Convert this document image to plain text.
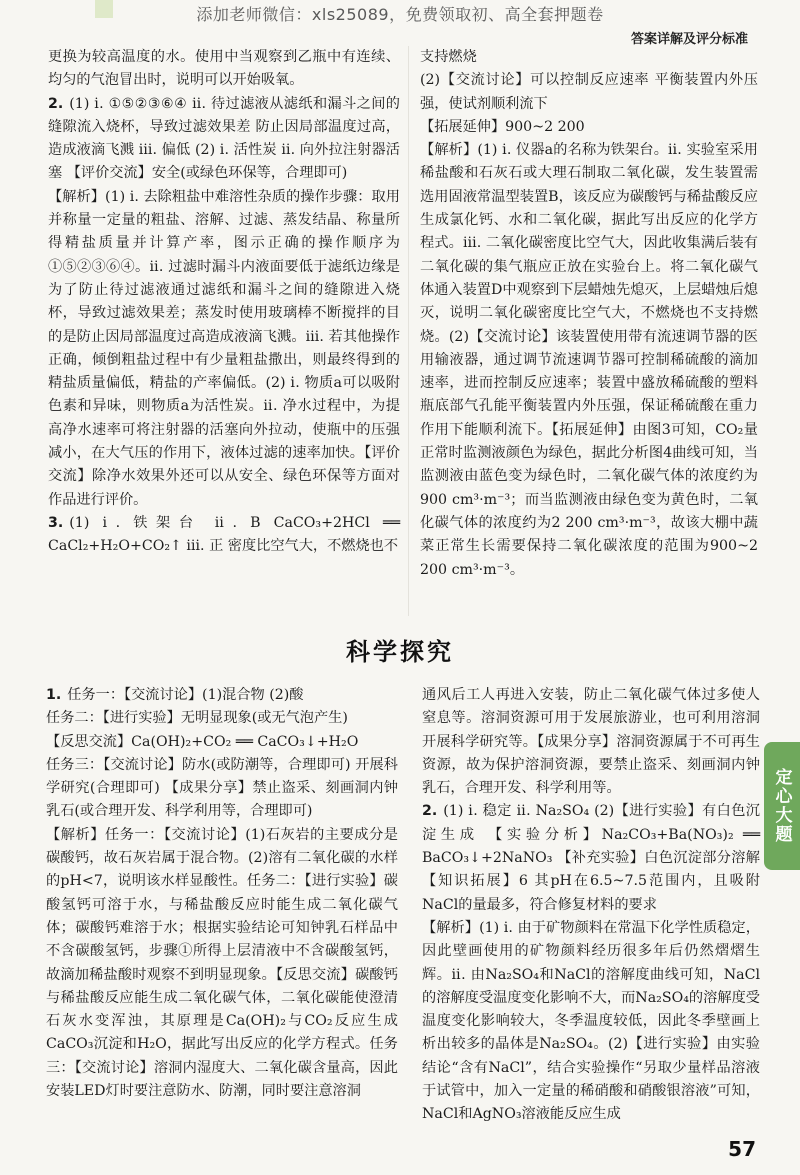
添加老师微信：xls25089，免费领取初、高全套押题卷
答案详解及评分标准

更换为较高温度的水。使用中当观察到乙瓶中有连续、均匀的气泡冒出时，说明可以开始吸氧。

2. (1) ⅰ. ①⑤②③⑥④ ⅱ. 待过滤液从滤纸和漏斗之间的缝隙流入烧杯，导致过滤效果差 防止因局部温度过高，造成液滴飞溅 ⅲ. 偏低 (2) ⅰ. 活性炭 ⅱ. 向外拉注射器活塞 【评价交流】安全(或绿色环保等，合理即可)

【解析】(1) ⅰ. 去除粗盐中难溶性杂质的操作步骤：取用并称量一定量的粗盐、溶解、过滤、蒸发结晶、称量所得精盐质量并计算产率，图示正确的操作顺序为①⑤②③⑥④。ⅱ. 过滤时漏斗内液面要低于滤纸边缘是为了防止待过滤液通过滤纸和漏斗之间的缝隙进入烧杯，导致过滤效果差；蒸发时使用玻璃棒不断搅拌的目的是防止因局部温度过高造成液滴飞溅。ⅲ. 若其他操作正确，倾倒粗盐过程中有少量粗盐撒出，则最终得到的精盐质量偏低，精盐的产率偏低。(2) ⅰ. 物质a可以吸附色素和异味，则物质a为活性炭。ⅱ. 净水过程中，为提高净水速率可将注射器的活塞向外拉动，使瓶中的压强减小，在大气压的作用下，液体过滤的速率加快。【评价交流】除净水效果外还可以从安全、绿色环保等方面对作品进行评价。

3. (1) ⅰ. 铁架台 ⅱ. B CaCO₃+2HCl ══ CaCl₂+H₂O+CO₂↑ ⅲ. 正 密度比空气大，不燃烧也不

支持燃烧

(2)【交流讨论】可以控制反应速率 平衡装置内外压强，使试剂顺利流下

【拓展延伸】900~2 200

【解析】(1) ⅰ. 仪器a的名称为铁架台。ⅱ. 实验室采用稀盐酸和石灰石或大理石制取二氧化碳，发生装置需选用固液常温型装置B，该反应为碳酸钙与稀盐酸反应生成氯化钙、水和二氧化碳，据此写出反应的化学方程式。ⅲ. 二氧化碳密度比空气大，因此收集满后装有二氧化碳的集气瓶应正放在实验台上。将二氧化碳气体通入装置D中观察到下层蜡烛先熄灭，上层蜡烛后熄灭，说明二氧化碳密度比空气大，不燃烧也不支持燃烧。(2)【交流讨论】该装置使用带有流速调节器的医用输液器，通过调节流速调节器可控制稀硫酸的滴加速率，进而控制反应速率；装置中盛放稀硫酸的塑料瓶底部气孔能平衡装置内外压强，保证稀硫酸在重力作用下能顺利流下。【拓展延伸】由图3可知，CO₂量正常时监测液颜色为绿色，据此分析图4曲线可知，当监测液由蓝色变为绿色时，二氧化碳气体的浓度约为900 cm³·m⁻³；而当监测液由绿色变为黄色时，二氧化碳气体的浓度约为2 200 cm³·m⁻³，故该大棚中蔬菜正常生长需要保持二氧化碳浓度的范围为900~2 200 cm³·m⁻³。

科学探究

1. 任务一：【交流讨论】(1)混合物 (2)酸

任务二：【进行实验】无明显现象(或无气泡产生)

【反思交流】Ca(OH)₂+CO₂ ══ CaCO₃↓+H₂O

任务三：【交流讨论】防水(或防潮等，合理即可) 开展科学研究(合理即可) 【成果分享】禁止盗采、刻画洞内钟乳石(或合理开发、科学利用等，合理即可)

【解析】任务一：【交流讨论】(1)石灰岩的主要成分是碳酸钙，故石灰岩属于混合物。(2)溶有二氧化碳的水样的pH<7，说明该水样显酸性。任务二：【进行实验】碳酸氢钙可溶于水，与稀盐酸反应时能生成二氧化碳气体；碳酸钙难溶于水；根据实验结论可知钟乳石样品中不含碳酸氢钙，步骤①所得上层清液中不含碳酸氢钙，故滴加稀盐酸时观察不到明显现象。【反思交流】碳酸钙与稀盐酸反应能生成二氧化碳气体，二氧化碳能使澄清石灰水变浑浊，其原理是Ca(OH)₂与CO₂反应生成CaCO₃沉淀和H₂O，据此写出反应的化学方程式。任务三：【交流讨论】溶洞内湿度大、二氧化碳含量高，因此安装LED灯时要注意防水、防潮，同时要注意溶洞

通风后工人再进入安装，防止二氧化碳气体过多使人窒息等。溶洞资源可用于发展旅游业，也可利用溶洞开展科学研究等。【成果分享】溶洞资源属于不可再生资源，故为保护溶洞资源，要禁止盗采、刻画洞内钟乳石，合理开发、科学利用等。

2. (1) ⅰ. 稳定 ⅱ. Na₂SO₄ (2)【进行实验】有白色沉淀生成 【实验分析】Na₂CO₃+Ba(NO₃)₂ ══ BaCO₃↓+2NaNO₃ 【补充实验】白色沉淀部分溶解 【知识拓展】6 其pH在6.5~7.5范围内，且吸附NaCl的量最多，符合修复材料的要求

【解析】(1) ⅰ. 由于矿物颜料在常温下化学性质稳定，因此壁画使用的矿物颜料经历很多年后仍然熠熠生辉。ⅱ. 由Na₂SO₄和NaCl的溶解度曲线可知，NaCl的溶解度受温度变化影响不大，而Na₂SO₄的溶解度受温度变化影响较大，冬季温度较低，因此冬季壁画上析出较多的晶体是Na₂SO₄。(2)【进行实验】由实验结论“含有NaCl”，结合实验操作“另取少量样品溶液于试管中，加入一定量的稀硝酸和硝酸银溶液”可知，NaCl和AgNO₃溶液能反应生成

定心大题
57
